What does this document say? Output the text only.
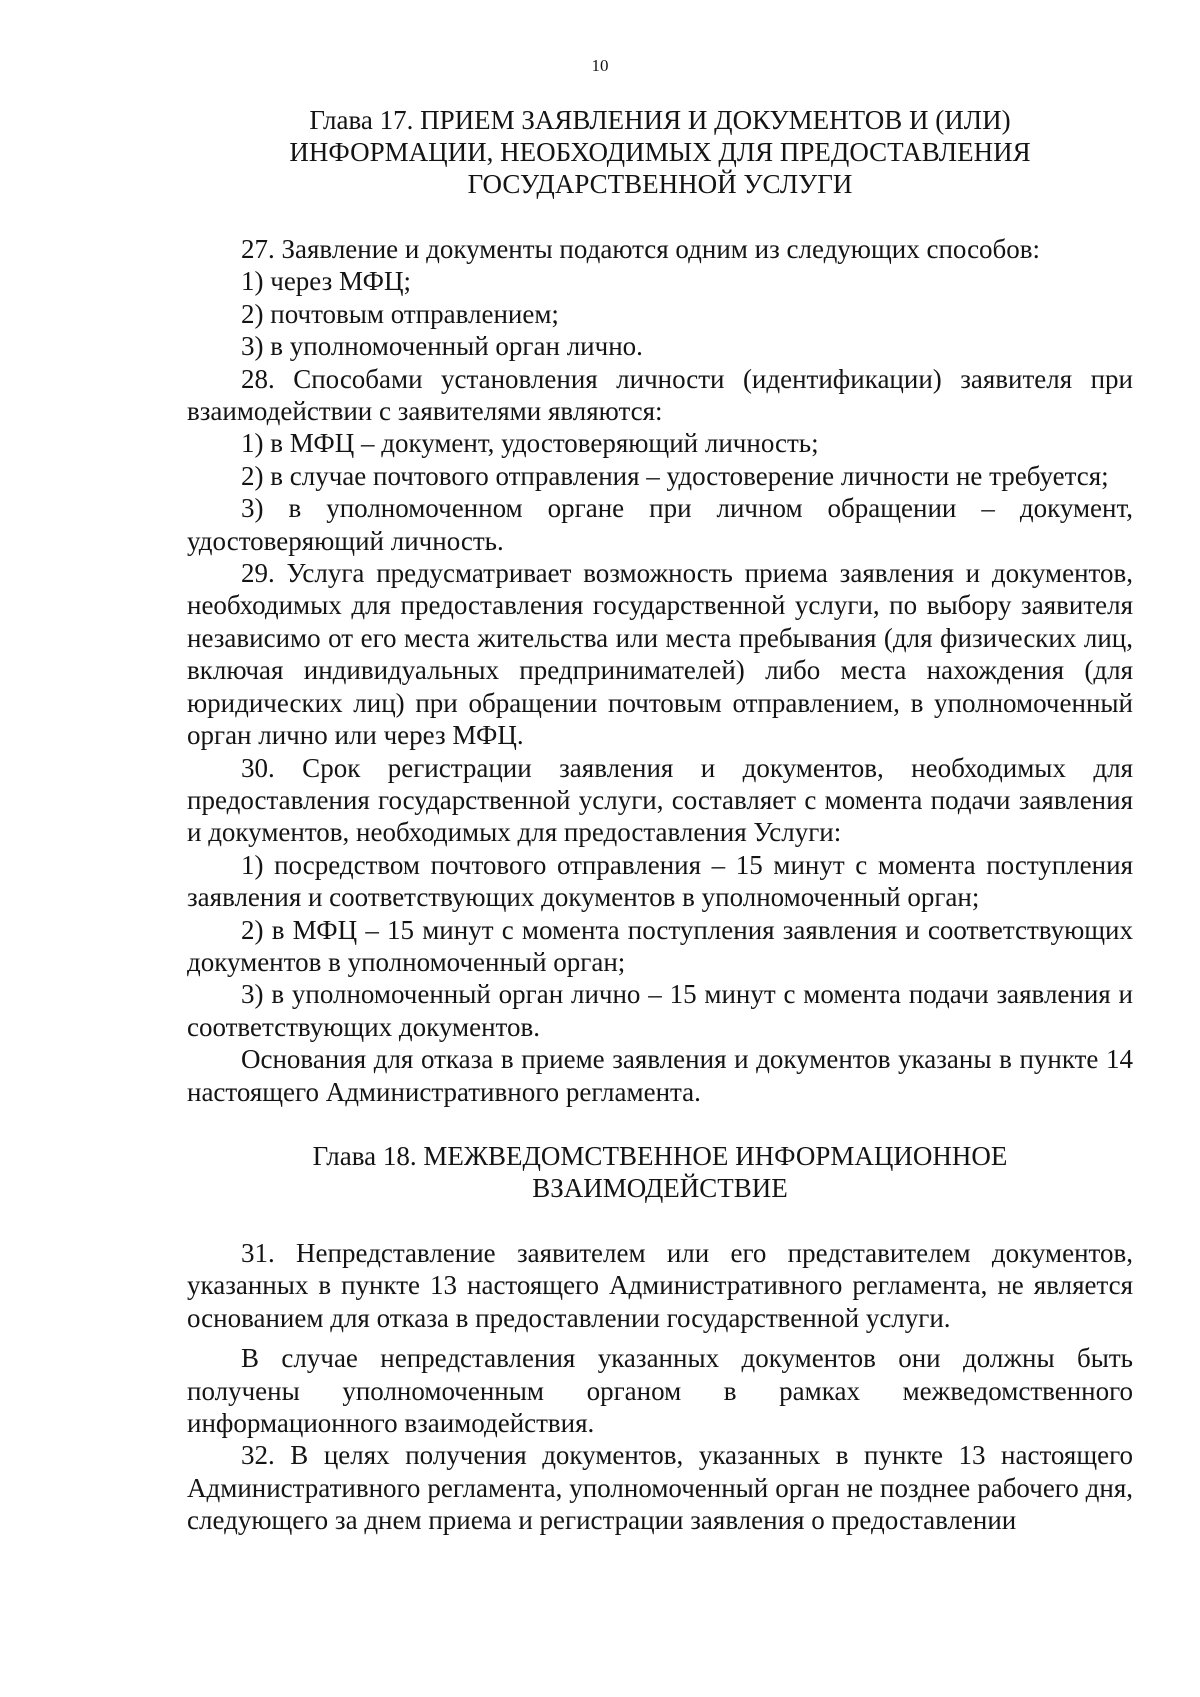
10
Глава 17. ПРИЕМ ЗАЯВЛЕНИЯ И ДОКУМЕНТОВ И (ИЛИ)
ИНФОРМАЦИИ, НЕОБХОДИМЫХ ДЛЯ ПРЕДОСТАВЛЕНИЯ
ГОСУДАРСТВЕННОЙ УСЛУГИ

27. Заявление и документы подаются одним из следующих способов:

1) через МФЦ;

2) почтовым отправлением;

3) в уполномоченный орган лично.

28. Способами установления личности (идентификации) заявителя при взаимодействии с заявителями являются:

1) в МФЦ – документ, удостоверяющий личность;

2) в случае почтового отправления – удостоверение личности не требуется;

3) в уполномоченном органе при личном обращении – документ, удостоверяющий личность.

29. Услуга предусматривает возможность приема заявления и документов, необходимых для предоставления государственной услуги, по выбору заявителя независимо от его места жительства или места пребывания (для физических лиц, включая индивидуальных предпринимателей) либо места нахождения (для юридических лиц) при обращении почтовым отправлением, в уполномоченный орган лично или через МФЦ.

30. Срок регистрации заявления и документов, необходимых для предоставления государственной услуги, составляет с момента подачи заявления и документов, необходимых для предоставления Услуги:

1) посредством почтового отправления – 15 минут с момента поступления заявления и соответствующих документов в уполномоченный орган;

2) в МФЦ – 15 минут с момента поступления заявления и соответствующих документов в уполномоченный орган;

3) в уполномоченный орган лично – 15 минут с момента подачи заявления и соответствующих документов.

Основания для отказа в приеме заявления и документов указаны в пункте 14 настоящего Административного регламента.

Глава 18. МЕЖВЕДОМСТВЕННОЕ ИНФОРМАЦИОННОЕ
ВЗАИМОДЕЙСТВИЕ

31. Непредставление заявителем или его представителем документов, указанных в пункте 13 настоящего Административного регламента, не является основанием для отказа в предоставлении государственной услуги.

В случае непредставления указанных документов они должны быть получены уполномоченным органом в рамках межведомственного информационного взаимодействия.

32. В целях получения документов, указанных в пункте 13 настоящего Административного регламента, уполномоченный орган не позднее рабочего дня, следующего за днем приема и регистрации заявления о предоставлении
